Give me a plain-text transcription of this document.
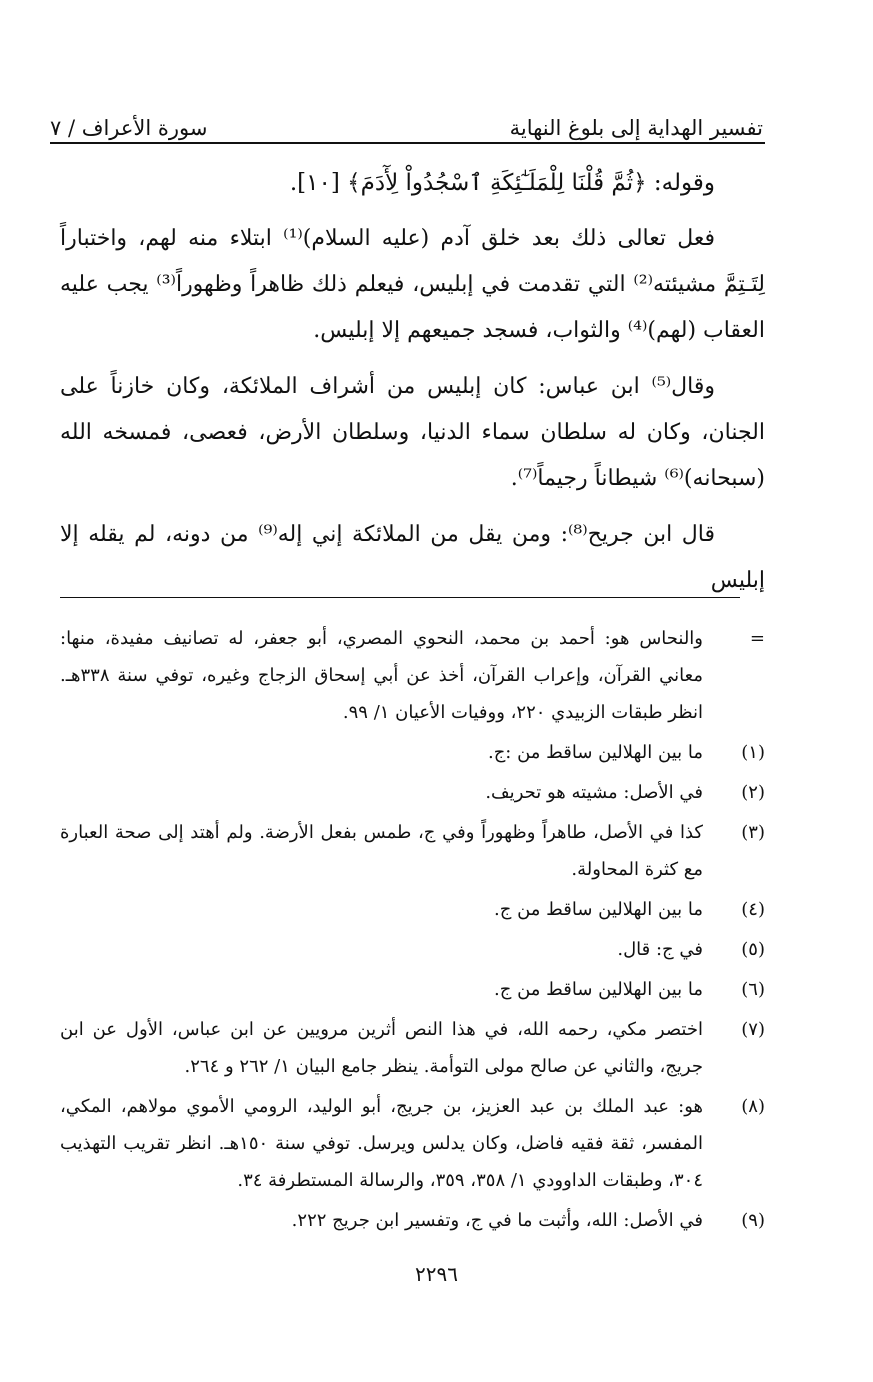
تفسير الهداية إلى بلوغ النهاية
سورة الأعراف / ٧

وقوله: ﴿ثُمَّ قُلْنَا لِلْمَلَـٰٓئِكَةِ ٱسْجُدُواْ لِأٓدَمَ﴾ [١٠].

فعل تعالى ذلك بعد خلق آدم (عليه السلام)⁽¹⁾ ابتلاء منه لهم، واختباراً لِتَـتِمَّ مشيئته⁽²⁾ التي تقدمت في إبليس، فيعلم ذلك ظاهراً وظهوراً⁽³⁾ يجب عليه العقاب (لهم)⁽⁴⁾ والثواب، فسجد جميعهم إلا إبليس.

وقال⁽⁵⁾ ابن عباس: كان إبليس من أشراف الملائكة، وكان خازناً على الجنان، وكان له سلطان سماء الدنيا، وسلطان الأرض، فعصى، فمسخه الله (سبحانه)⁽⁶⁾ شيطاناً رجيماً⁽⁷⁾.

قال ابن جريح⁽⁸⁾: ومن يقل من الملائكة إني إله⁽⁹⁾ من دونه، لم يقله إلا إبليس

=
والنحاس هو: أحمد بن محمد، النحوي المصري، أبو جعفر، له تصانيف مفيدة، منها: معاني القرآن، وإعراب القرآن، أخذ عن أبي إسحاق الزجاج وغيره، توفي سنة ٣٣٨هـ. انظر طبقات الزبيدي ٢٢٠، ووفيات الأعيان ١/ ٩٩.
(١)
ما بين الهلالين ساقط من :ج.
(٢)
في الأصل: مشيته هو تحريف.
(٣)
كذا في الأصل، طاهراً وظهوراً وفي ج، طمس بفعل الأرضة. ولم أهتد إلى صحة العبارة مع كثرة المحاولة.
(٤)
ما بين الهلالين ساقط من ج.
(٥)
في ج: قال.
(٦)
ما بين الهلالين ساقط من ج.
(٧)
اختصر مكي، رحمه الله، في هذا النص أثرين مرويين عن ابن عباس، الأول عن ابن جريج، والثاني عن صالح مولى التوأمة. ينظر جامع البيان ١/ ٢٦٢ و ٢٦٤.
(٨)
هو: عبد الملك بن عبد العزيز، بن جريج، أبو الوليد، الرومي الأموي مولاهم، المكي، المفسر، ثقة فقيه فاضل، وكان يدلس ويرسل. توفي سنة ١٥٠هـ. انظر تقريب التهذيب ٣٠٤، وطبقات الداوودي ١/ ٣٥٨، ٣٥٩، والرسالة المستطرفة ٣٤.
(٩)
في الأصل: الله، وأثبت ما في ج، وتفسير ابن جريج ٢٢٢.
٢٢٩٦
